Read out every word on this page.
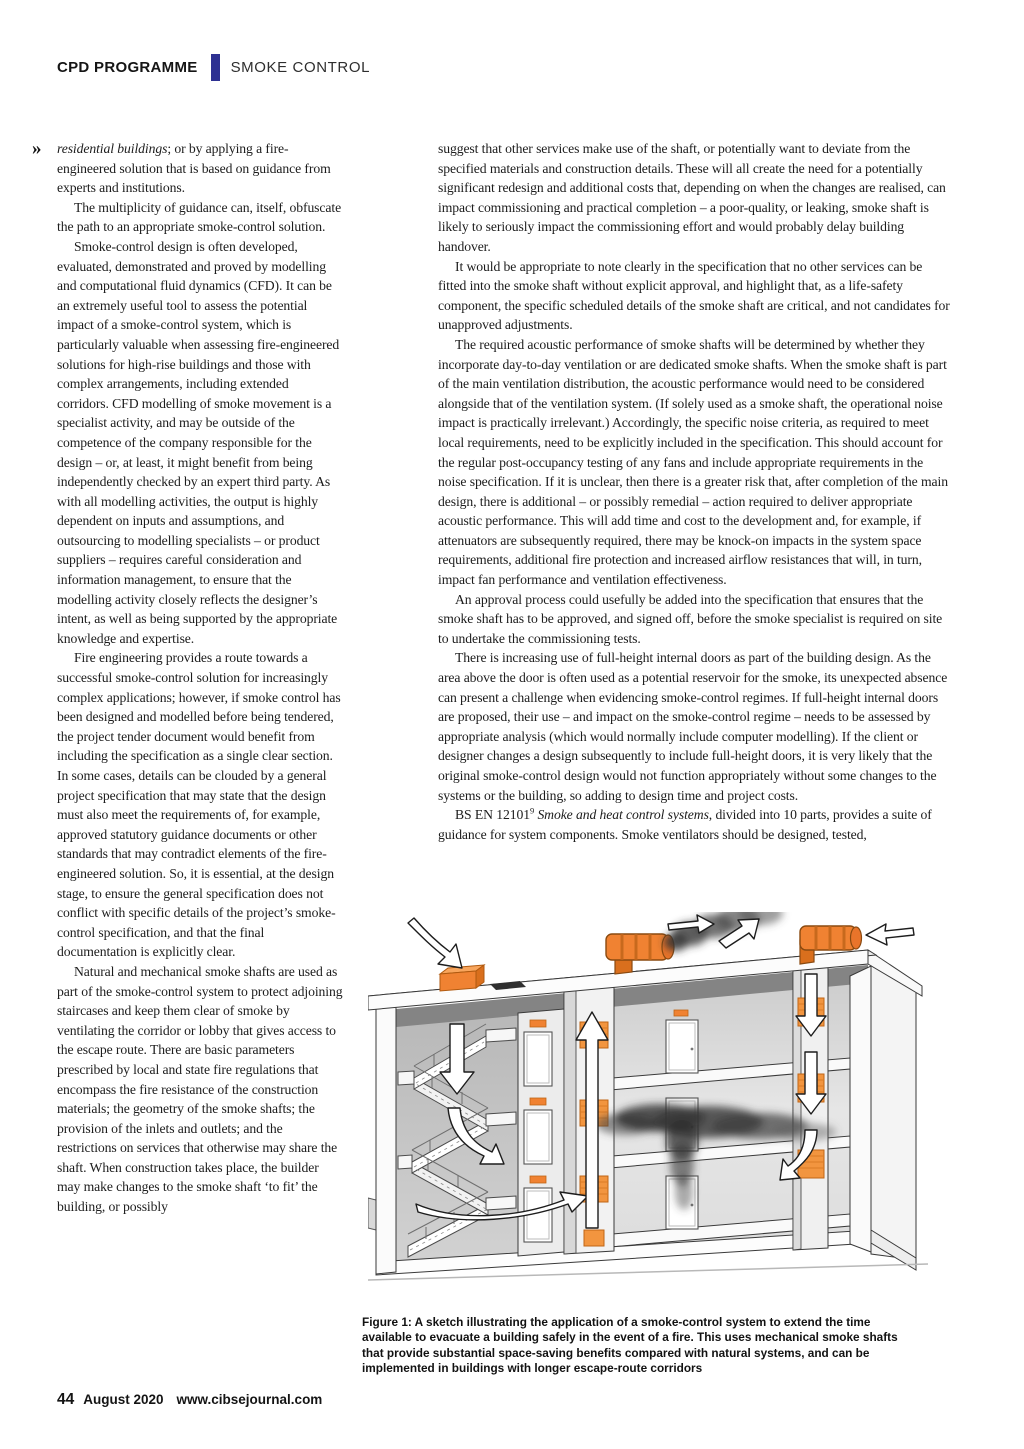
CPD PROGRAMME SMOKE CONTROL
» residential buildings; or by applying a fire-engineered solution that is based on guidance from experts and institutions.

The multiplicity of guidance can, itself, obfuscate the path to an appropriate smoke-control solution.

Smoke-control design is often developed, evaluated, demonstrated and proved by modelling and computational fluid dynamics (CFD). It can be an extremely useful tool to assess the potential impact of a smoke-control system, which is particularly valuable when assessing fire-engineered solutions for high-rise buildings and those with complex arrangements, including extended corridors. CFD modelling of smoke movement is a specialist activity, and may be outside of the competence of the company responsible for the design – or, at least, it might benefit from being independently checked by an expert third party. As with all modelling activities, the output is highly dependent on inputs and assumptions, and outsourcing to modelling specialists – or product suppliers – requires careful consideration and information management, to ensure that the modelling activity closely reflects the designer’s intent, as well as being supported by the appropriate knowledge and expertise.

Fire engineering provides a route towards a successful smoke-control solution for increasingly complex applications; however, if smoke control has been designed and modelled before being tendered, the project tender document would benefit from including the specification as a single clear section. In some cases, details can be clouded by a general project specification that may state that the design must also meet the requirements of, for example, approved statutory guidance documents or other standards that may contradict elements of the fire-engineered solution. So, it is essential, at the design stage, to ensure the general specification does not conflict with specific details of the project’s smoke-control specification, and that the final documentation is explicitly clear.

Natural and mechanical smoke shafts are used as part of the smoke-control system to protect adjoining staircases and keep them clear of smoke by ventilating the corridor or lobby that gives access to the escape route. There are basic parameters prescribed by local and state fire regulations that encompass the fire resistance of the construction materials; the geometry of the smoke shafts; the provision of the inlets and outlets; and the restrictions on services that otherwise may share the shaft. When construction takes place, the builder may make changes to the smoke shaft ‘to fit’ the building, or possibly

suggest that other services make use of the shaft, or potentially want to deviate from the specified materials and construction details. These will all create the need for a potentially significant redesign and additional costs that, depending on when the changes are realised, can impact commissioning and practical completion – a poor-quality, or leaking, smoke shaft is likely to seriously impact the commissioning effort and would probably delay building handover.

It would be appropriate to note clearly in the specification that no other services can be fitted into the smoke shaft without explicit approval, and highlight that, as a life-safety component, the specific scheduled details of the smoke shaft are critical, and not candidates for unapproved adjustments.

The required acoustic performance of smoke shafts will be determined by whether they incorporate day-to-day ventilation or are dedicated smoke shafts. When the smoke shaft is part of the main ventilation distribution, the acoustic performance would need to be considered alongside that of the ventilation system. (If solely used as a smoke shaft, the operational noise impact is practically irrelevant.) Accordingly, the specific noise criteria, as required to meet local requirements, need to be explicitly included in the specification. This should account for the regular post-occupancy testing of any fans and include appropriate requirements in the noise specification. If it is unclear, then there is a greater risk that, after completion of the main design, there is additional – or possibly remedial – action required to deliver appropriate acoustic performance. This will add time and cost to the development and, for example, if attenuators are subsequently required, there may be knock-on impacts in the system space requirements, additional fire protection and increased airflow resistances that will, in turn, impact fan performance and ventilation effectiveness.

An approval process could usefully be added into the specification that ensures that the smoke shaft has to be approved, and signed off, before the smoke specialist is required on site to undertake the commissioning tests.

There is increasing use of full-height internal doors as part of the building design. As the area above the door is often used as a potential reservoir for the smoke, its unexpected absence can present a challenge when evidencing smoke-control regimes. If full-height internal doors are proposed, their use – and impact on the smoke-control regime – needs to be assessed by appropriate analysis (which would normally include computer modelling). If the client or designer changes a design subsequently to include full-height doors, it is very likely that the original smoke-control design would not function appropriately without some changes to the systems or the building, so adding to design time and project costs.

BS EN 12101$^9$ Smoke and heat control systems, divided into 10 parts, provides a suite of guidance for system components. Smoke ventilators should be designed, tested,

Figure 1: A sketch illustrating the application of a smoke-control system to extend the time available to evacuate a building safely in the event of a fire. This uses mechanical smoke shafts that provide substantial space-saving benefits compared with natural systems, and can be implemented in buildings with longer escape-route corridors
44 August 2020 www.cibsejournal.com
